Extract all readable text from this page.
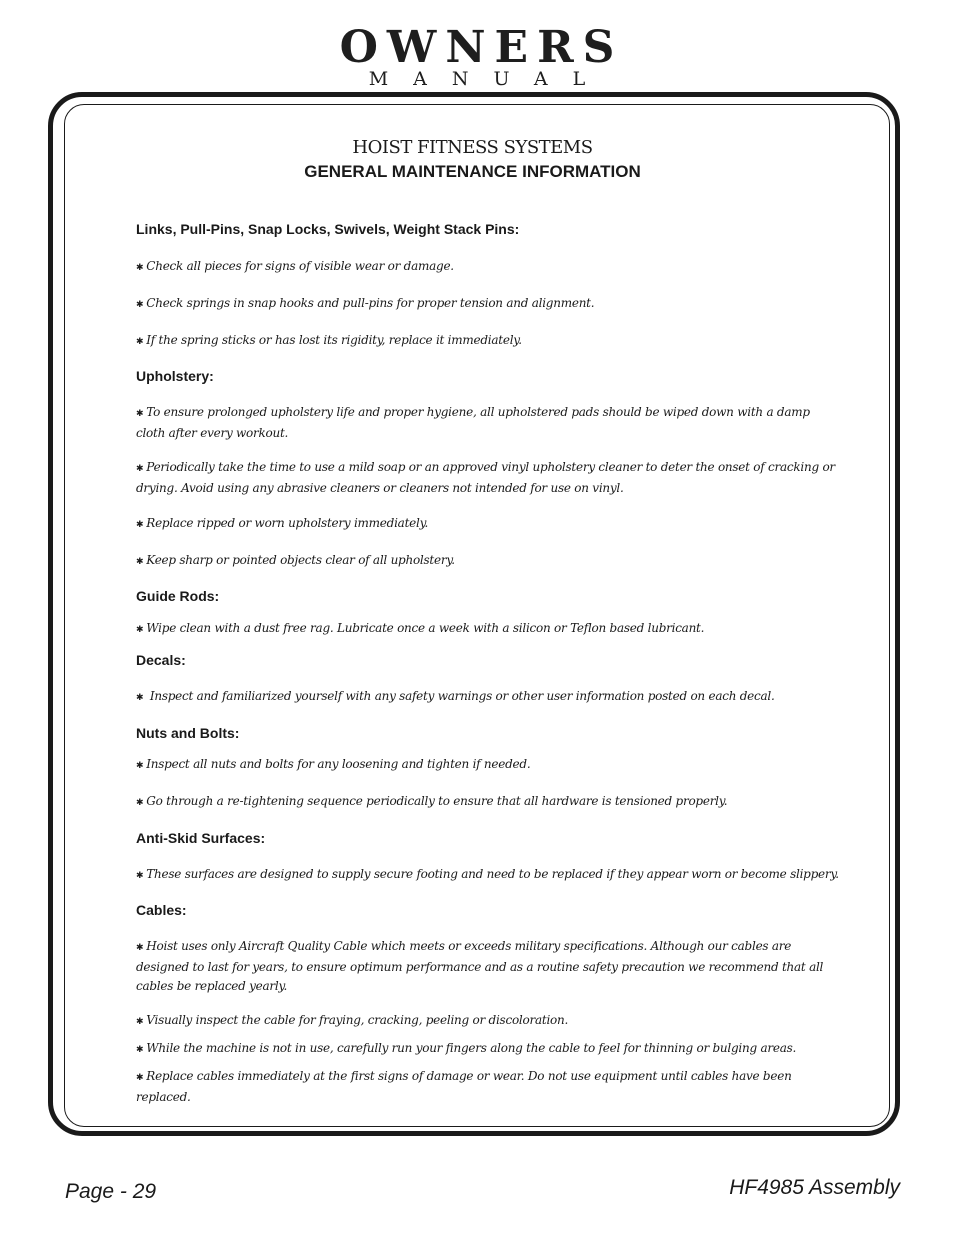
OWNERS
MANUAL
HOIST FITNESS SYSTEMS
GENERAL MAINTENANCE INFORMATION
Links, Pull-Pins, Snap Locks, Swivels, Weight Stack Pins:
✱ Check all pieces for signs of visible wear or damage.
✱ Check springs in snap hooks and pull-pins for proper tension and alignment.
✱ If the spring sticks or has lost its rigidity, replace it immediately.
Upholstery:
✱ To ensure prolonged upholstery life and proper hygiene, all upholstered pads should be wiped down with a damp cloth after every workout.
✱ Periodically take the time to use a mild soap or an approved vinyl upholstery cleaner to deter the onset of cracking or drying. Avoid using any abrasive cleaners or cleaners not intended for use on vinyl.
✱ Replace ripped or worn upholstery immediately.
✱ Keep sharp or pointed objects clear of all upholstery.
Guide Rods:
✱ Wipe clean with a dust free rag. Lubricate once a week with a silicon or Teflon based lubricant.
Decals:
✱ Inspect and familiarized yourself with any safety warnings or other user information posted on each decal.
Nuts and Bolts:
✱ Inspect all nuts and bolts for any loosening and tighten if needed.
✱ Go through a re-tightening sequence periodically to ensure that all hardware is tensioned properly.
Anti-Skid Surfaces:
✱ These surfaces are designed to supply secure footing and need to be replaced if they appear worn or become slippery.
Cables:
✱ Hoist uses only Aircraft Quality Cable which meets or exceeds military specifications. Although our cables are designed to last for years, to ensure optimum performance and as a routine safety precaution we recommend that all cables be replaced yearly.
✱ Visually inspect the cable for fraying, cracking, peeling or discoloration.
✱ While the machine is not in use, carefully run your fingers along the cable to feel for thinning or bulging areas.
✱ Replace cables immediately at the first signs of damage or wear. Do not use equipment until cables have been replaced.
Page - 29	HF4985 Assembly
